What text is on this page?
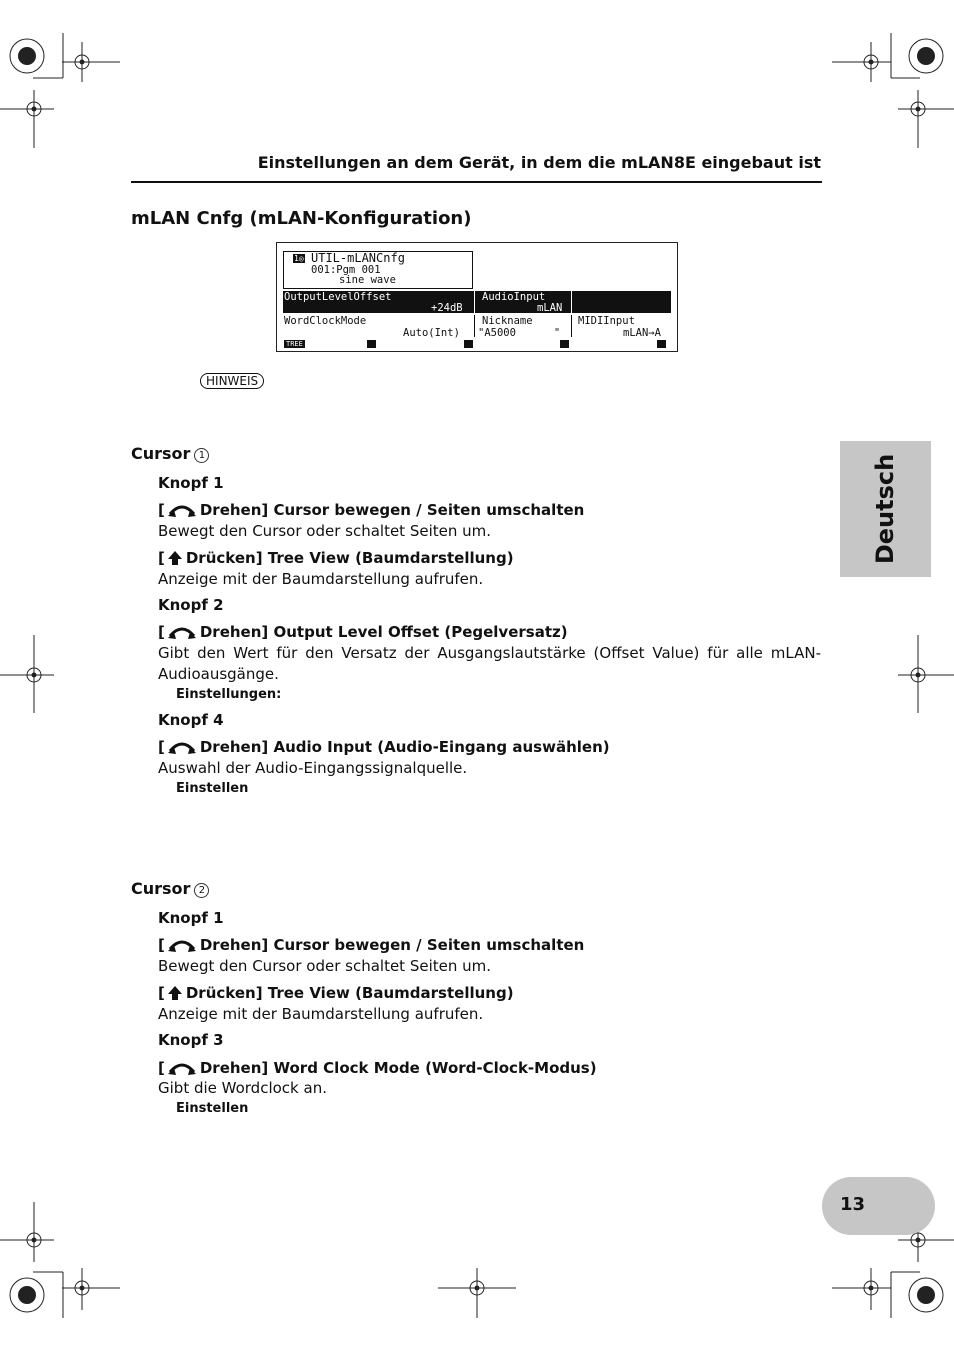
Einstellungen an dem Gerät, in dem die mLAN8E eingebaut ist
mLAN Cnfg (mLAN-Konfiguration)
1◎ UTIL-mLANCnfg
001:Pgm 001
sine wave
OutputLevelOffset
+24dB
AudioInput
mLAN
WordClockMode
Auto(Int)
Nickname
"A5000      "
MIDIInput
mLAN→A
TREE
HINWEIS
Cursor 1
Knopf 1
[ Drehen] Cursor bewegen / Seiten umschalten
Bewegt den Cursor oder schaltet Seiten um.
[ Drücken] Tree View (Baumdarstellung)
Anzeige mit der Baumdarstellung aufrufen.
Knopf 2
[ Drehen] Output Level Offset (Pegelversatz)
Gibt den Wert für den Versatz der Ausgangslautstärke (Offset Value) für alle mLAN-Audioausgänge.
Einstellungen:
Knopf 4
[ Drehen] Audio Input (Audio-Eingang auswählen)
Auswahl der Audio-Eingangssignalquelle.
Einstellen
Cursor 2
Knopf 1
[ Drehen] Cursor bewegen / Seiten umschalten
Bewegt den Cursor oder schaltet Seiten um.
[ Drücken] Tree View (Baumdarstellung)
Anzeige mit der Baumdarstellung aufrufen.
Knopf 3
[ Drehen] Word Clock Mode (Word-Clock-Modus)
Gibt die Wordclock an.
Einstellen
Deutsch
13
